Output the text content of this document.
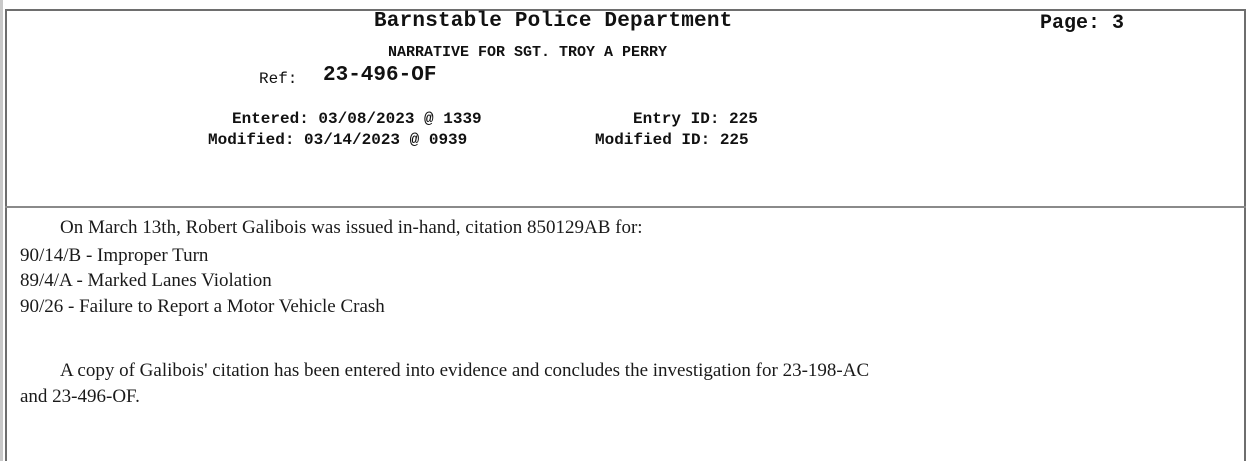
Barnstable Police Department	Page: 3
NARRATIVE FOR SGT. TROY A PERRY
Ref: 23-496-OF
Entered: 03/08/2023 @ 1339	Entry ID: 225
Modified: 03/14/2023 @ 0939	Modified ID: 225
On March 13th, Robert Galibois was issued in-hand, citation 850129AB for:
90/14/B - Improper Turn
89/4/A - Marked Lanes Violation
90/26 - Failure to Report a Motor Vehicle Crash
A copy of Galibois' citation has been entered into evidence and concludes the investigation for 23-198-AC
and 23-496-OF.
